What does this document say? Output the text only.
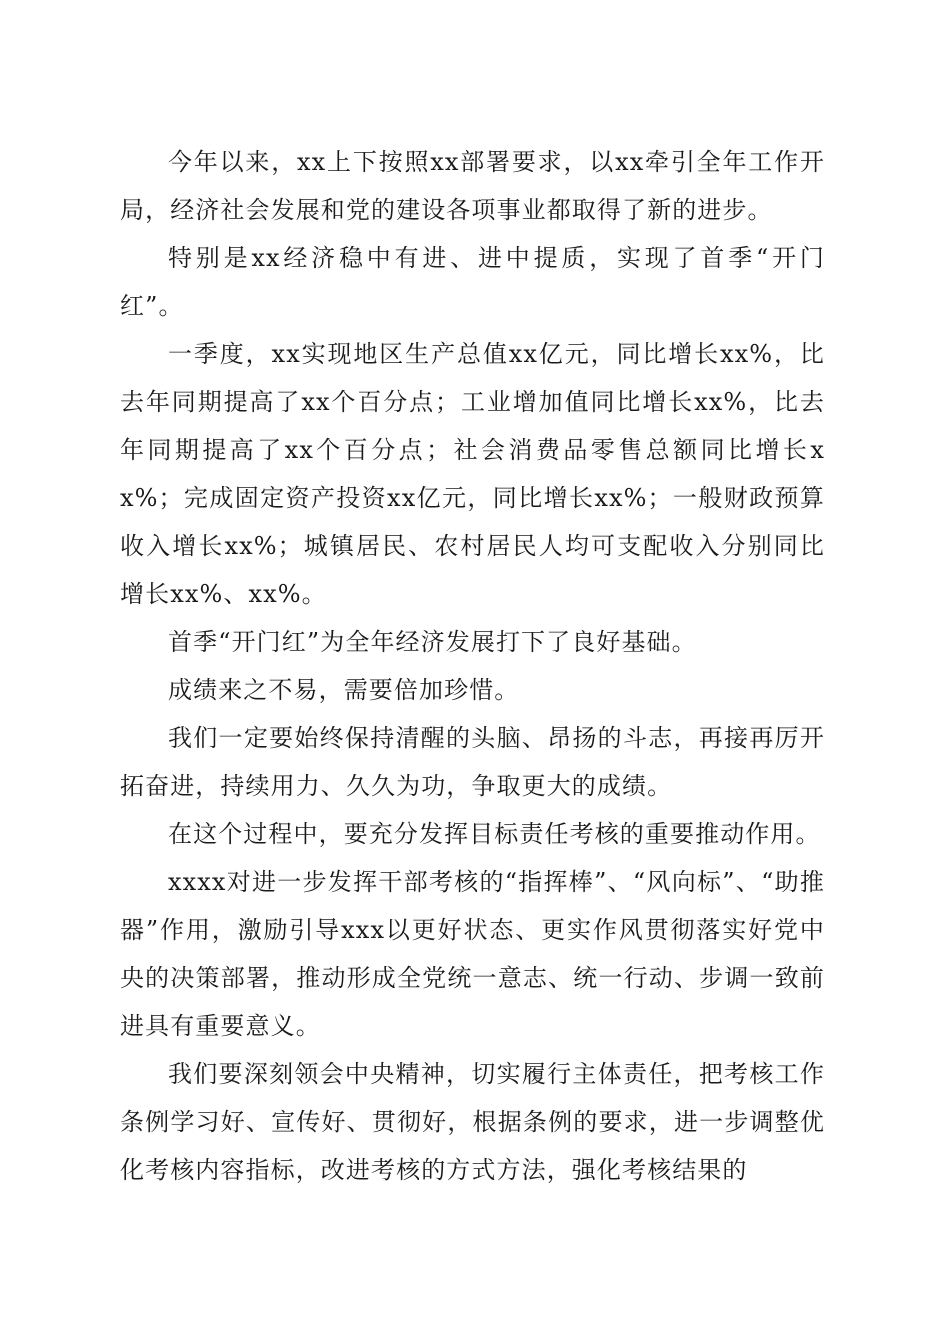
今年以来，xx上下按照xx部署要求，以xx牵引全年工作开局，经济社会发展和党的建设各项事业都取得了新的进步。

特别是xx经济稳中有进、进中提质，实现了首季“开门红”。

一季度，xx实现地区生产总值xx亿元，同比增长xx%，比去年同期提高了xx个百分点；工业增加值同比增长xx%，比去年同期提高了xx个百分点；社会消费品零售总额同比增长xx%；完成固定资产投资xx亿元，同比增长xx%；一般财政预算收入增长xx%；城镇居民、农村居民人均可支配收入分别同比增长xx%、xx%。

首季“开门红”为全年经济发展打下了良好基础。

成绩来之不易，需要倍加珍惜。

我们一定要始终保持清醒的头脑、昂扬的斗志，再接再厉开拓奋进，持续用力、久久为功，争取更大的成绩。

在这个过程中，要充分发挥目标责任考核的重要推动作用。

xxxx对进一步发挥干部考核的“指挥棒”、“风向标”、“助推器”作用，激励引导xxx以更好状态、更实作风贯彻落实好党中央的决策部署，推动形成全党统一意志、统一行动、步调一致前进具有重要意义。

我们要深刻领会中央精神，切实履行主体责任，把考核工作条例学习好、宣传好、贯彻好，根据条例的要求，进一步调整优化考核内容指标，改进考核的方式方法，强化考核结果的
